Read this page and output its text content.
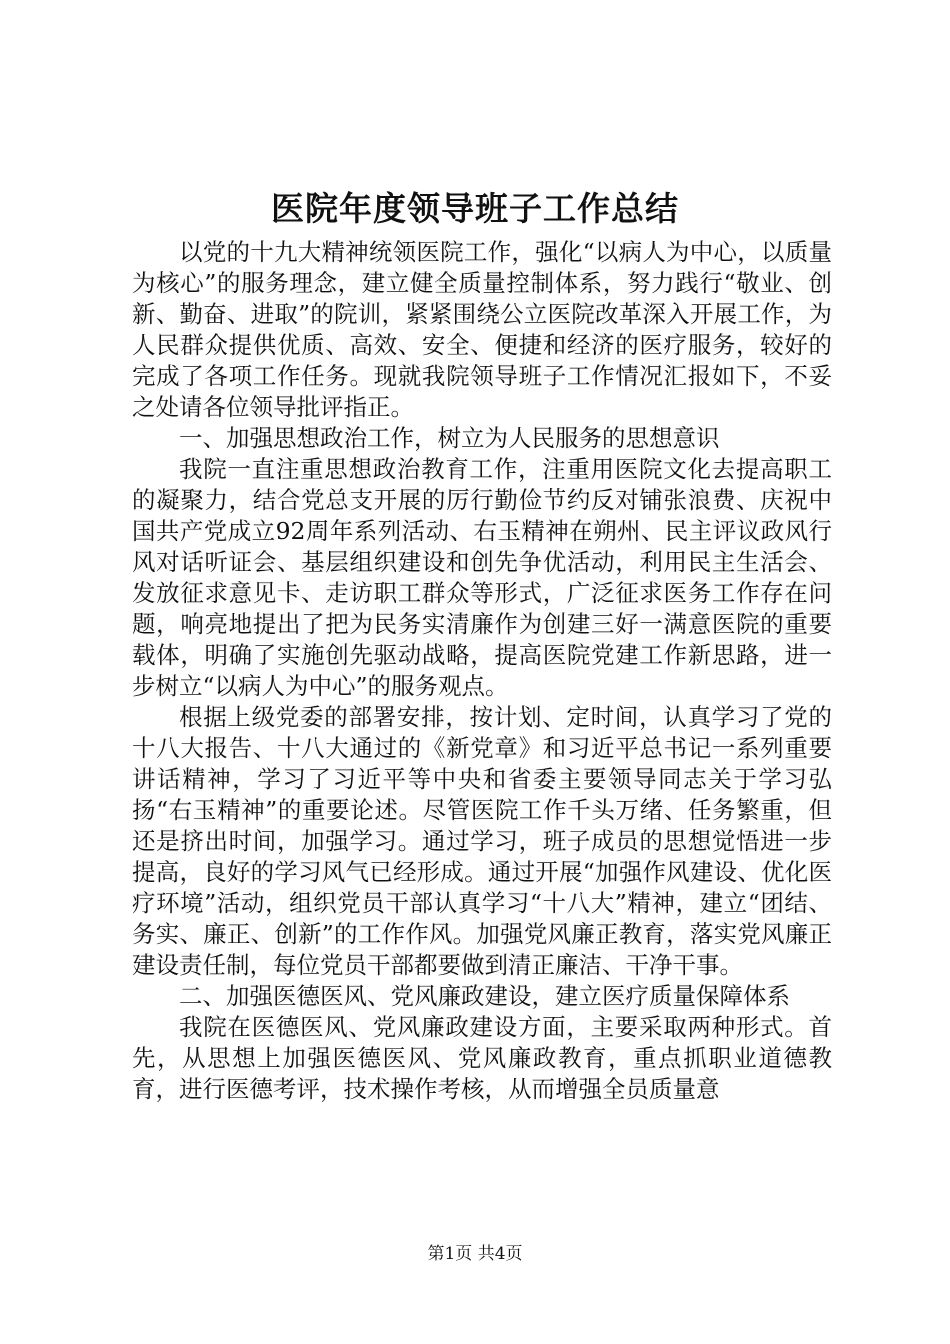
医院年度领导班子工作总结

以党的十九大精神统领医院工作，强化“以病人为中心，以质量为核心”的服务理念，建立健全质量控制体系，努力践行“敬业、创新、勤奋、进取”的院训，紧紧围绕公立医院改革深入开展工作，为人民群众提供优质、高效、安全、便捷和经济的医疗服务，较好的完成了各项工作任务。现就我院领导班子工作情况汇报如下，不妥之处请各位领导批评指正。

一、加强思想政治工作，树立为人民服务的思想意识

我院一直注重思想政治教育工作，注重用医院文化去提高职工的凝聚力，结合党总支开展的厉行勤俭节约反对铺张浪费、庆祝中国共产党成立92周年系列活动、右玉精神在朔州、民主评议政风行风对话听证会、基层组织建设和创先争优活动，利用民主生活会、发放征求意见卡、走访职工群众等形式，广泛征求医务工作存在问题，响亮地提出了把为民务实清廉作为创建三好一满意医院的重要载体，明确了实施创先驱动战略，提高医院党建工作新思路，进一步树立“以病人为中心”的服务观点。

根据上级党委的部署安排，按计划、定时间，认真学习了党的十八大报告、十八大通过的《新党章》和习近平总书记一系列重要讲话精神，学习了习近平等中央和省委主要领导同志关于学习弘扬“右玉精神”的重要论述。尽管医院工作千头万绪、任务繁重，但还是挤出时间，加强学习。通过学习，班子成员的思想觉悟进一步提高，良好的学习风气已经形成。通过开展“加强作风建设、优化医疗环境”活动，组织党员干部认真学习“十八大”精神，建立“团结、务实、廉正、创新”的工作作风。加强党风廉正教育，落实党风廉正建设责任制，每位党员干部都要做到清正廉洁、干净干事。

二、加强医德医风、党风廉政建设，建立医疗质量保障体系

我院在医德医风、党风廉政建设方面，主要采取两种形式。首先，从思想上加强医德医风、党风廉政教育，重点抓职业道德教育，进行医德考评，技术操作考核，从而增强全员质量意

第1页 共4页
